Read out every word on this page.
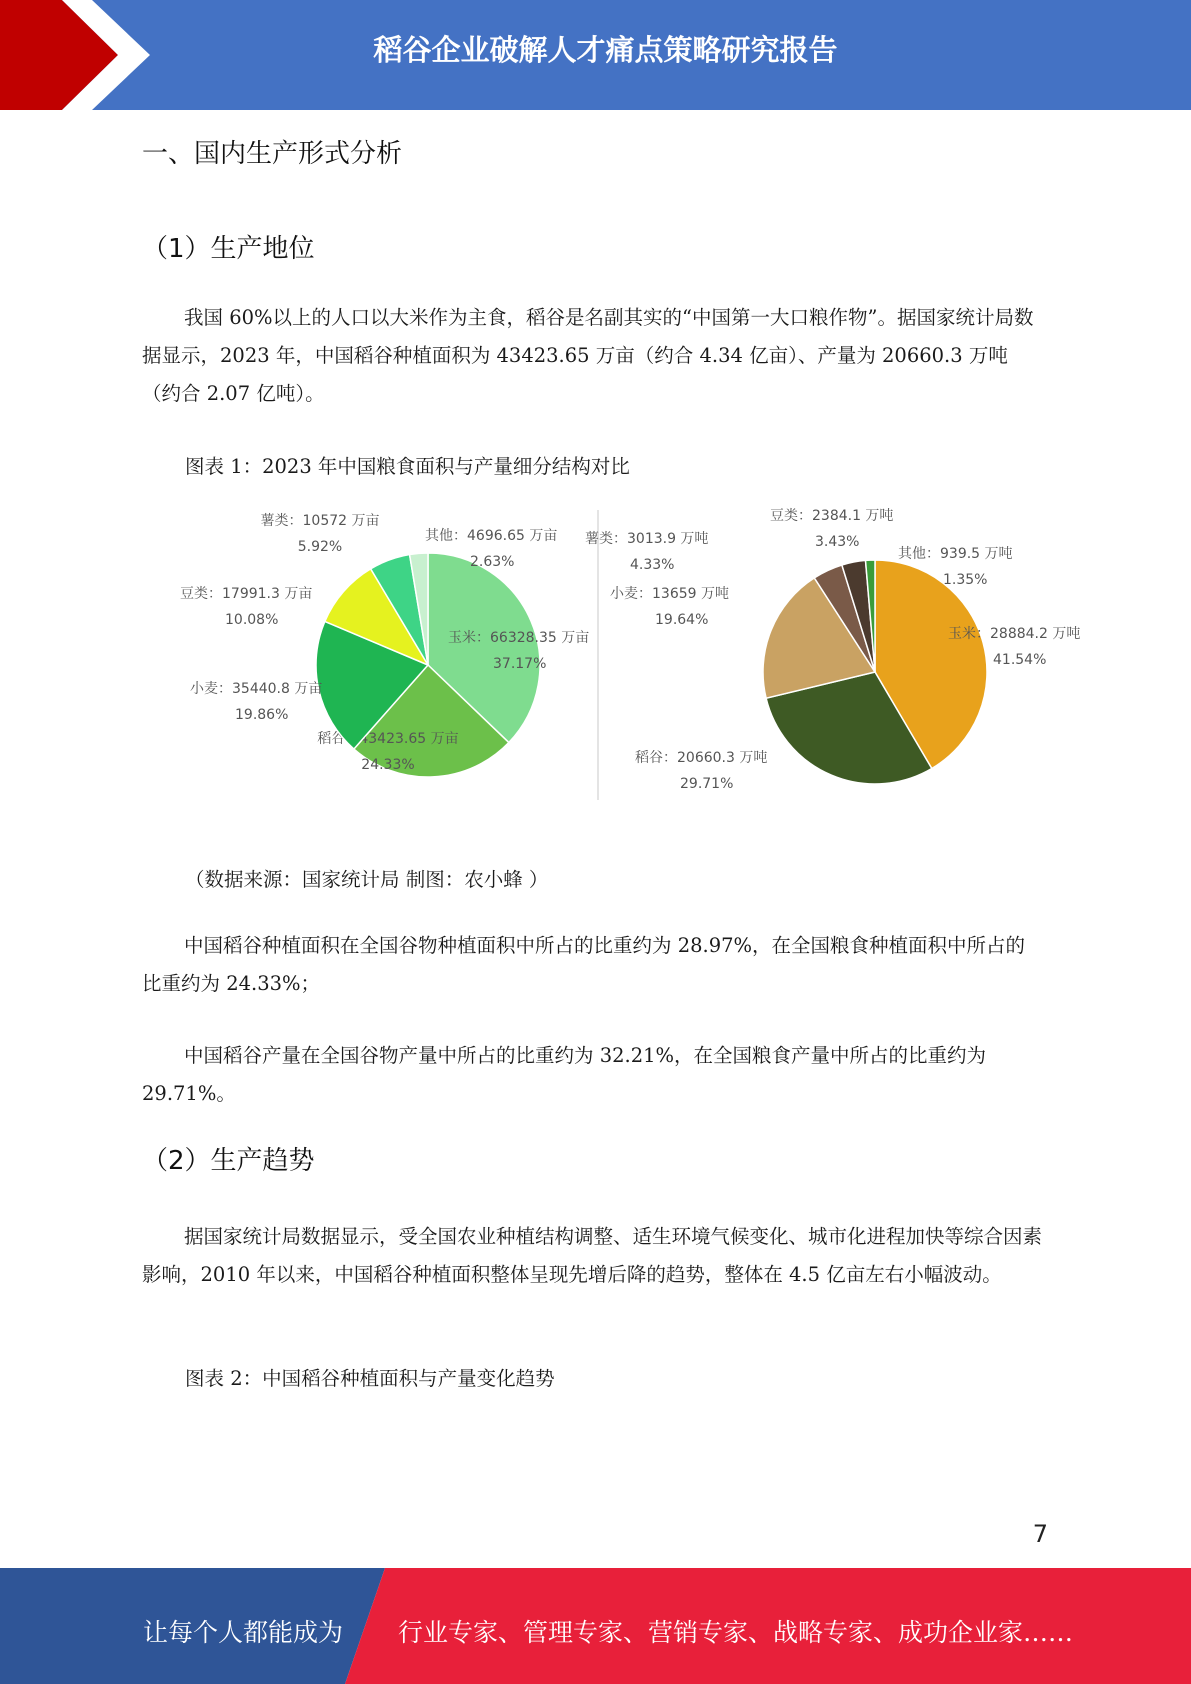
稻谷企业破解人才痛点策略研究报告
一、国内生产形式分析
（1）生产地位

我国 60%以上的人口以大米作为主食，稻谷是名副其实的“中国第一大口粮作物”。据国家统计局数据显示，2023 年，中国稻谷种植面积为 43423.65 万亩（约合 4.34 亿亩）、产量为 20660.3 万吨（约合 2.07 亿吨）。

图表 1：2023 年中国粮食面积与产量细分结构对比
玉米：66328.35 万亩
37.17%
稻谷：43423.65 万亩
24.33%
小麦：35440.8 万亩
19.86%
豆类：17991.3 万亩
10.08%
薯类：10572 万亩
5.92%
其他：4696.65 万亩
2.63%
玉米：28884.2 万吨
41.54%
稻谷：20660.3 万吨
29.71%
小麦：13659 万吨
19.64%
薯类：3013.9 万吨
4.33%
豆类：2384.1 万吨
3.43%
其他：939.5 万吨
1.35%
（数据来源：国家统计局 制图：农小蜂 ）

中国稻谷种植面积在全国谷物种植面积中所占的比重约为 28.97%，在全国粮食种植面积中所占的比重约为 24.33%；

中国稻谷产量在全国谷物产量中所占的比重约为 32.21%，在全国粮食产量中所占的比重约为 29.71%。

（2）生产趋势

据国家统计局数据显示，受全国农业种植结构调整、适生环境气候变化、城市化进程加快等综合因素影响，2010 年以来，中国稻谷种植面积整体呈现先增后降的趋势，整体在 4.5 亿亩左右小幅波动。

图表 2：中国稻谷种植面积与产量变化趋势
7
让每个人都能成为 行业专家、管理专家、营销专家、战略专家、成功企业家……
